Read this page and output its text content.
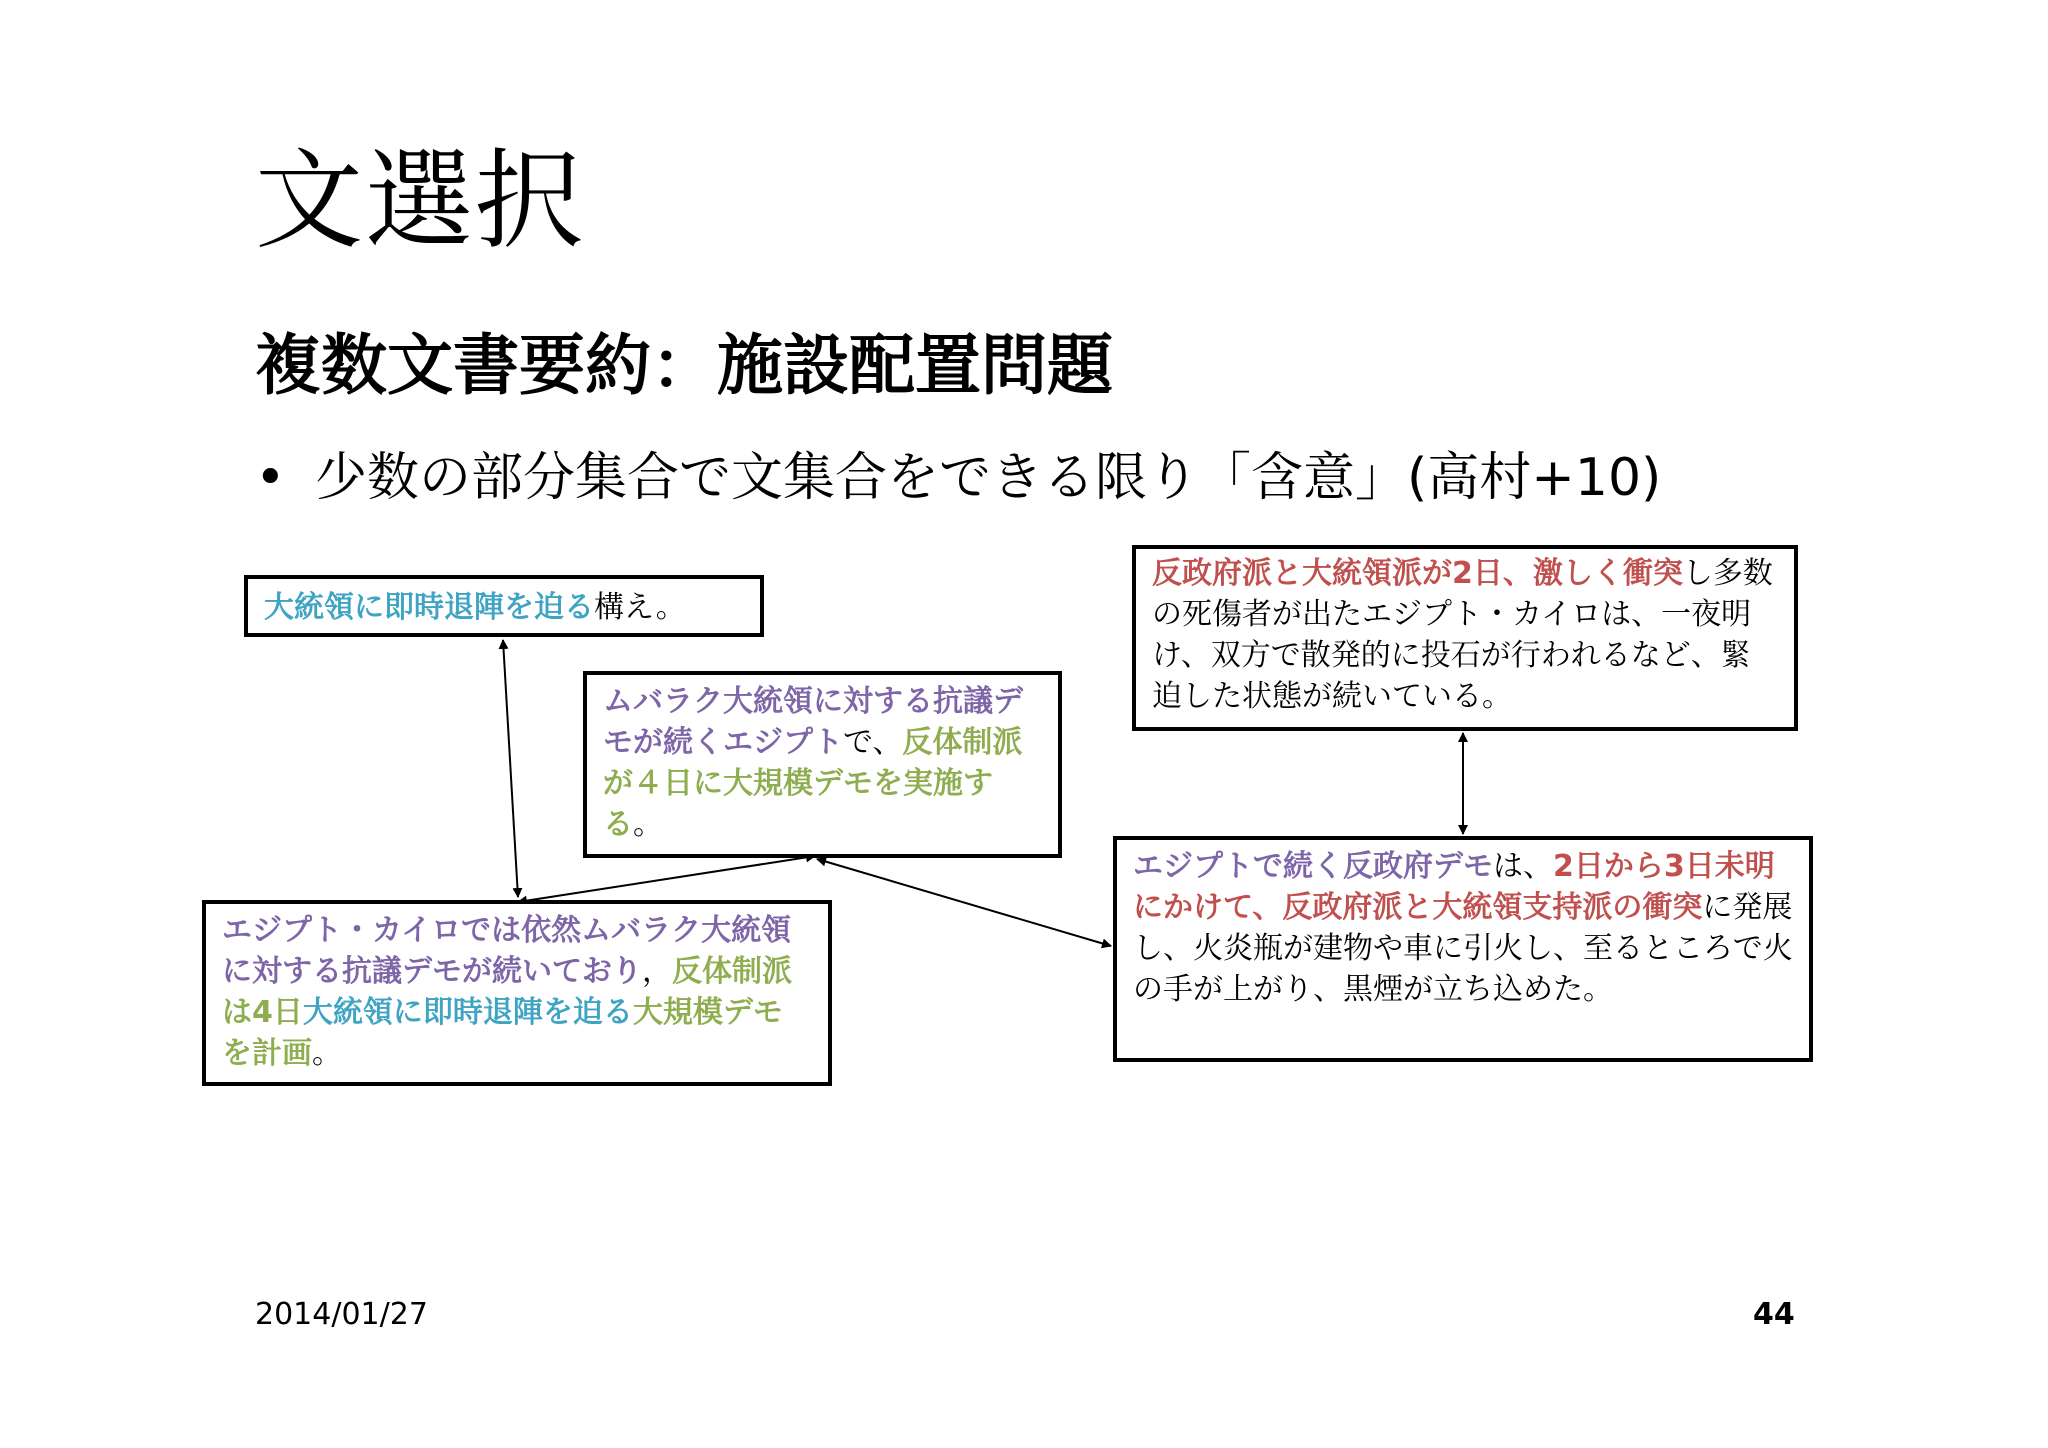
文選択
複数文書要約：施設配置問題
• 少数の部分集合で文集合をできる限り「含意」(高村+10)
大統領に即時退陣を迫る構え。
ムバラク大統領に対する抗議デモが続くエジプトで、反体制派が４日に大規模デモを実施する。
エジプト・カイロでは依然ムバラク大統領に対する抗議デモが続いており，反体制派は4日大統領に即時退陣を迫る大規模デモを計画。
反政府派と大統領派が2日、激しく衝突し多数の死傷者が出たエジプト・カイロは、一夜明け、双方で散発的に投石が行われるなど、緊迫した状態が続いている。
エジプトで続く反政府デモは、2日から3日未明にかけて、反政府派と大統領支持派の衝突に発展し、火炎瓶が建物や車に引火し、至るところで火の手が上がり、黒煙が立ち込めた。
2014/01/27	44
